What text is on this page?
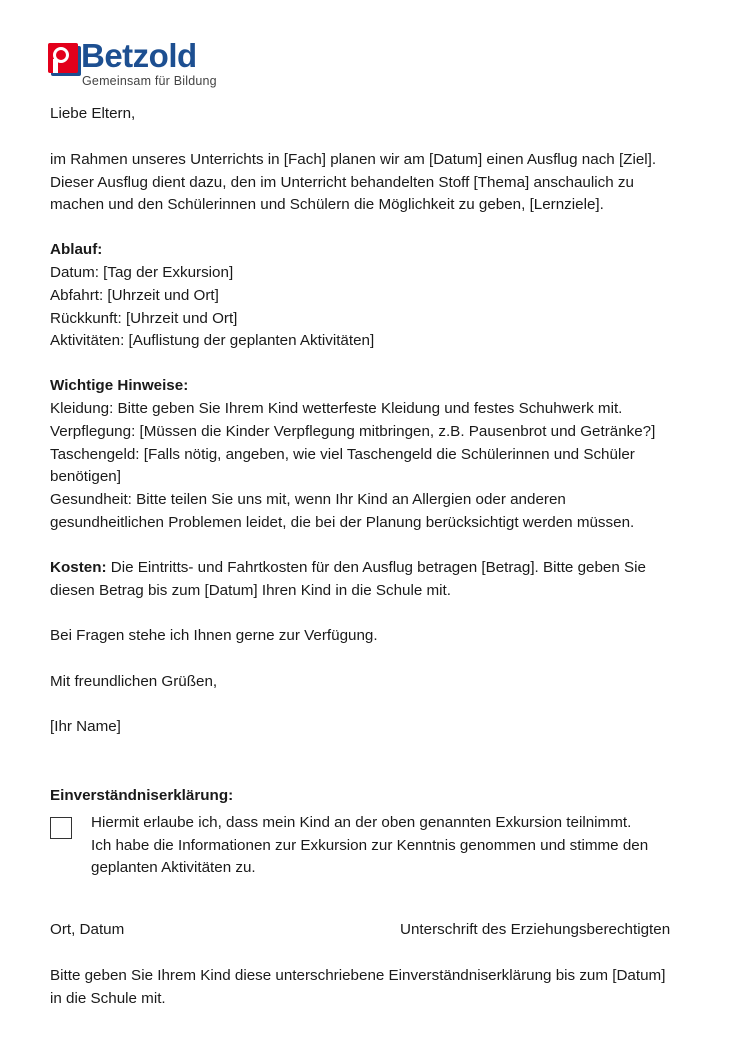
Betzold
Gemeinsam für Bildung
Liebe Eltern,
im Rahmen unseres Unterrichts in [Fach] planen wir am [Datum] einen Ausflug nach [Ziel].
Dieser Ausflug dient dazu, den im Unterricht behandelten Stoff [Thema] anschaulich zu
machen und den Schülerinnen und Schülern die Möglichkeit zu geben, [Lernziele].
Ablauf:
Datum: [Tag der Exkursion]
Abfahrt: [Uhrzeit und Ort]
Rückkunft: [Uhrzeit und Ort]
Aktivitäten: [Auflistung der geplanten Aktivitäten]
Wichtige Hinweise:
Kleidung: Bitte geben Sie Ihrem Kind wetterfeste Kleidung und festes Schuhwerk mit.
Verpflegung: [Müssen die Kinder Verpflegung mitbringen, z.B. Pausenbrot und Getränke?]
Taschengeld: [Falls nötig, angeben, wie viel Taschengeld die Schülerinnen und Schüler
benötigen]
Gesundheit: Bitte teilen Sie uns mit, wenn Ihr Kind an Allergien oder anderen
gesundheitlichen Problemen leidet, die bei der Planung berücksichtigt werden müssen.
Kosten: Die Eintritts- und Fahrtkosten für den Ausflug betragen [Betrag]. Bitte geben Sie
diesen Betrag bis zum [Datum] Ihren Kind in die Schule mit.
Bei Fragen stehe ich Ihnen gerne zur Verfügung.
Mit freundlichen Grüßen,
[Ihr Name]
Einverständniserklärung:
Hiermit erlaube ich, dass mein Kind an der oben genannten Exkursion teilnimmt.
Ich habe die Informationen zur Exkursion zur Kenntnis genommen und stimme den
geplanten Aktivitäten zu.
Ort, Datum	Unterschrift des Erziehungsberechtigten
Bitte geben Sie Ihrem Kind diese unterschriebene Einverständniserklärung bis zum [Datum]
in die Schule mit.
